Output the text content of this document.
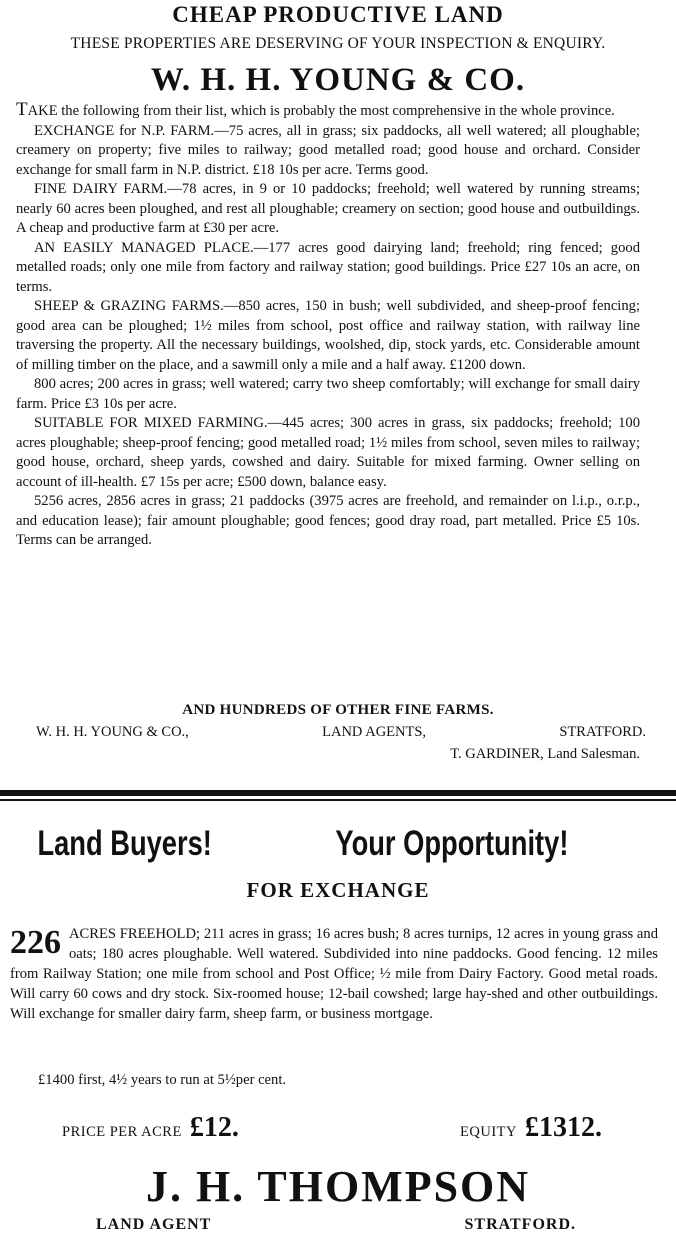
CHEAP PRODUCTIVE LAND
THESE PROPERTIES ARE DESERVING OF YOUR INSPECTION & ENQUIRY.
W. H. H. YOUNG & CO.

TAKE the following from their list, which is probably the most comprehensive in the whole province.

EXCHANGE for N.P. FARM.—75 acres, all in grass; six paddocks, all well watered; all ploughable; creamery on property; five miles to railway; good metalled road; good house and orchard. Consider exchange for small farm in N.P. district. £18 10s per acre. Terms good.

FINE DAIRY FARM.—78 acres, in 9 or 10 paddocks; freehold; well watered by running streams; nearly 60 acres been ploughed, and rest all ploughable; creamery on section; good house and outbuildings. A cheap and productive farm at £30 per acre.

AN EASILY MANAGED PLACE.—177 acres good dairying land; freehold; ring fenced; good metalled roads; only one mile from factory and railway station; good buildings. Price £27 10s an acre, on terms.

SHEEP & GRAZING FARMS.—850 acres, 150 in bush; well subdivided, and sheep-proof fencing; good area can be ploughed; 1½ miles from school, post office and railway station, with railway line traversing the property. All the necessary buildings, woolshed, dip, stock yards, etc. Considerable amount of milling timber on the place, and a sawmill only a mile and a half away. £1200 down.

800 acres; 200 acres in grass; well watered; carry two sheep comfortably; will exchange for small dairy farm. Price £3 10s per acre.

SUITABLE FOR MIXED FARMING.—445 acres; 300 acres in grass, six paddocks; freehold; 100 acres ploughable; sheep-proof fencing; good metalled road; 1½ miles from school, seven miles to railway; good house, orchard, sheep yards, cowshed and dairy. Suitable for mixed farming. Owner selling on account of ill-health. £7 15s per acre; £500 down, balance easy.

5256 acres, 2856 acres in grass; 21 paddocks (3975 acres are freehold, and remainder on l.i.p., o.r.p., and education lease); fair amount ploughable; good fences; good dray road, part metalled. Price £5 10s. Terms can be arranged.

AND HUNDREDS OF OTHER FINE FARMS.
W. H. H. YOUNG & CO.,	LAND AGENTS,	STRATFORD.
T. GARDINER, Land Salesman.
Land Buyers!	Your Opportunity!
FOR EXCHANGE
226 ACRES FREEHOLD; 211 acres in grass; 16 acres bush; 8 acres turnips, 12 acres in young grass and oats; 180 acres ploughable. Well watered. Subdivided into nine paddocks. Good fencing. 12 miles from Railway Station; one mile from school and Post Office; ½ mile from Dairy Factory. Good metal roads. Will carry 60 cows and dry stock. Six-roomed house; 12-bail cowshed; large hay-shed and other outbuildings. Will exchange for smaller dairy farm, sheep farm, or business mortgage.
£1400 first, 4½ years to run at 5½per cent.
PRICE PER ACRE £12.	EQUITY £1312.
J. H. THOMPSON
LAND AGENT	STRATFORD.
